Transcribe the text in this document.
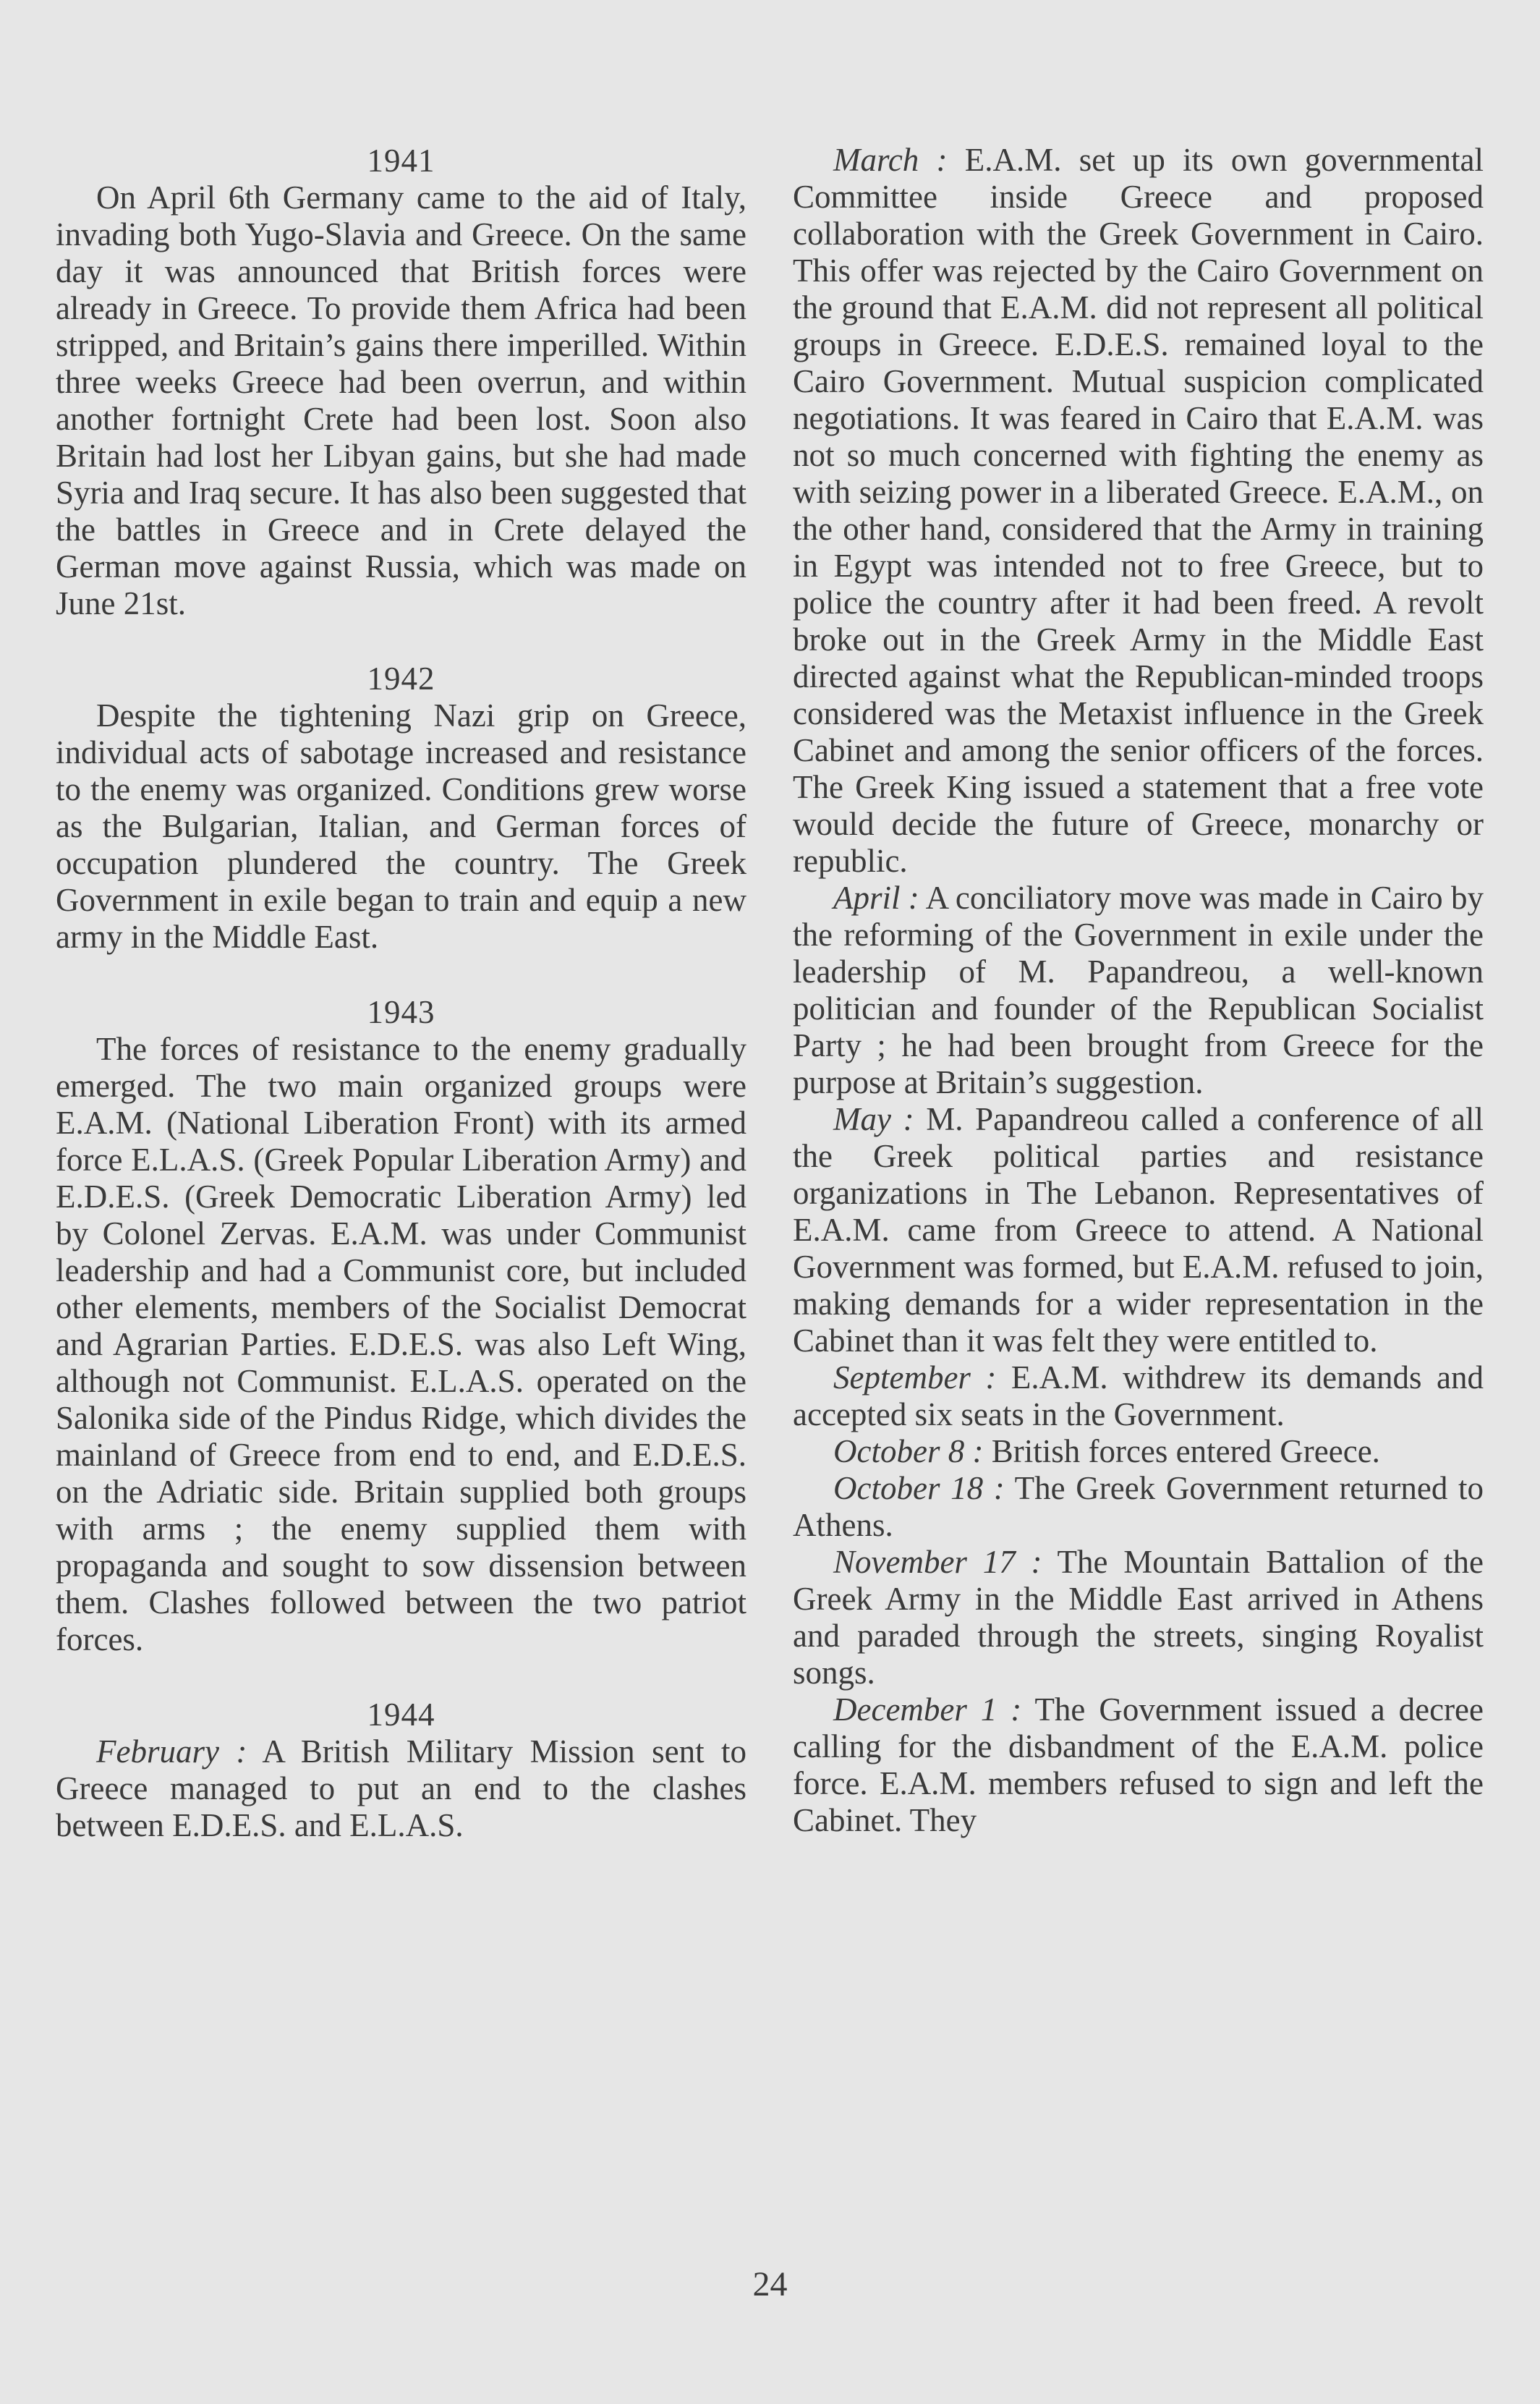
1941

On April 6th Germany came to the aid of Italy, invading both Yugo-Slavia and Greece. On the same day it was announced that British forces were already in Greece. To provide them Africa had been stripped, and Britain’s gains there imperilled. Within three weeks Greece had been overrun, and within another fortnight Crete had been lost. Soon also Britain had lost her Libyan gains, but she had made Syria and Iraq secure. It has also been suggested that the battles in Greece and in Crete delayed the German move against Russia, which was made on June 21st.

1942

Despite the tightening Nazi grip on Greece, individual acts of sabotage increased and resistance to the enemy was organized. Conditions grew worse as the Bulgarian, Italian, and German forces of occupation plundered the country. The Greek Government in exile began to train and equip a new army in the Middle East.

1943

The forces of resistance to the enemy gradually emerged. The two main organized groups were E.A.M. (National Liberation Front) with its armed force E.L.A.S. (Greek Popular Liberation Army) and E.D.E.S. (Greek Democratic Liberation Army) led by Colonel Zervas. E.A.M. was under Communist leadership and had a Communist core, but included other elements, members of the Socialist Democrat and Agrarian Parties. E.D.E.S. was also Left Wing, although not Communist. E.L.A.S. operated on the Salonika side of the Pindus Ridge, which divides the mainland of Greece from end to end, and E.D.E.S. on the Adriatic side. Britain supplied both groups with arms ; the enemy supplied them with propaganda and sought to sow dissension between them. Clashes followed between the two patriot forces.

1944

February : A British Military Mission sent to Greece managed to put an end to the clashes between E.D.E.S. and E.L.A.S.

March : E.A.M. set up its own governmental Committee inside Greece and proposed collaboration with the Greek Government in Cairo. This offer was rejected by the Cairo Government on the ground that E.A.M. did not represent all political groups in Greece. E.D.E.S. remained loyal to the Cairo Government. Mutual suspicion complicated negotiations. It was feared in Cairo that E.A.M. was not so much concerned with fighting the enemy as with seizing power in a liberated Greece. E.A.M., on the other hand, considered that the Army in training in Egypt was intended not to free Greece, but to police the country after it had been freed. A revolt broke out in the Greek Army in the Middle East directed against what the Republican-minded troops considered was the Metaxist influence in the Greek Cabinet and among the senior officers of the forces. The Greek King issued a statement that a free vote would decide the future of Greece, monarchy or republic.

April : A conciliatory move was made in Cairo by the reforming of the Government in exile under the leadership of M. Papandreou, a well-known politician and founder of the Republican Socialist Party ; he had been brought from Greece for the purpose at Britain’s suggestion.

May : M. Papandreou called a conference of all the Greek political parties and resistance organizations in The Lebanon. Representatives of E.A.M. came from Greece to attend. A National Government was formed, but E.A.M. refused to join, making demands for a wider representation in the Cabinet than it was felt they were entitled to.

September : E.A.M. withdrew its demands and accepted six seats in the Government.

October 8 : British forces entered Greece.

October 18 : The Greek Government returned to Athens.

November 17 : The Mountain Battalion of the Greek Army in the Middle East arrived in Athens and paraded through the streets, singing Royalist songs.

December 1 : The Government issued a decree calling for the disbandment of the E.A.M. police force. E.A.M. members refused to sign and left the Cabinet. They

24
